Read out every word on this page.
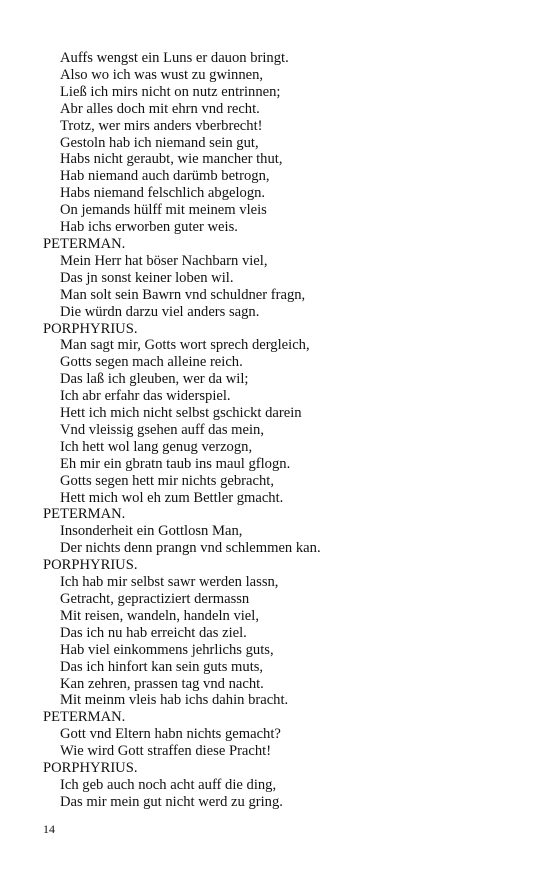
Auffs wengst ein Luns er dauon bringt.
Also wo ich was wust zu gwinnen,
Ließ ich mirs nicht on nutz entrinnen;
Abr alles doch mit ehrn vnd recht.
Trotz, wer mirs anders vberbrecht!
Gestoln hab ich niemand sein gut,
Habs nicht geraubt, wie mancher thut,
Hab niemand auch darümb betrogn,
Habs niemand felschlich abgelogn.
On jemands hülff mit meinem vleis
Hab ichs erworben guter weis.
PETERMAN.
Mein Herr hat böser Nachbarn viel,
Das jn sonst keiner loben wil.
Man solt sein Bawrn vnd schuldner fragn,
Die würdn darzu viel anders sagn.
PORPHYRIUS.
Man sagt mir, Gotts wort sprech dergleich,
Gotts segen mach alleine reich.
Das laß ich gleuben, wer da wil;
Ich abr erfahr das widerspiel.
Hett ich mich nicht selbst gschickt darein
Vnd vleissig gsehen auff das mein,
Ich hett wol lang genug verzogn,
Eh mir ein gbratn taub ins maul gflogn.
Gotts segen hett mir nichts gebracht,
Hett mich wol eh zum Bettler gmacht.
PETERMAN.
Insonderheit ein Gottlosn Man,
Der nichts denn prangn vnd schlemmen kan.
PORPHYRIUS.
Ich hab mir selbst sawr werden lassn,
Getracht, gepractiziert dermassn
Mit reisen, wandeln, handeln viel,
Das ich nu hab erreicht das ziel.
Hab viel einkommens jehrlichs guts,
Das ich hinfort kan sein guts muts,
Kan zehren, prassen tag vnd nacht.
Mit meinm vleis hab ichs dahin bracht.
PETERMAN.
Gott vnd Eltern habn nichts gemacht?
Wie wird Gott straffen diese Pracht!
PORPHYRIUS.
Ich geb auch noch acht auff die ding,
Das mir mein gut nicht werd zu gring.
14
